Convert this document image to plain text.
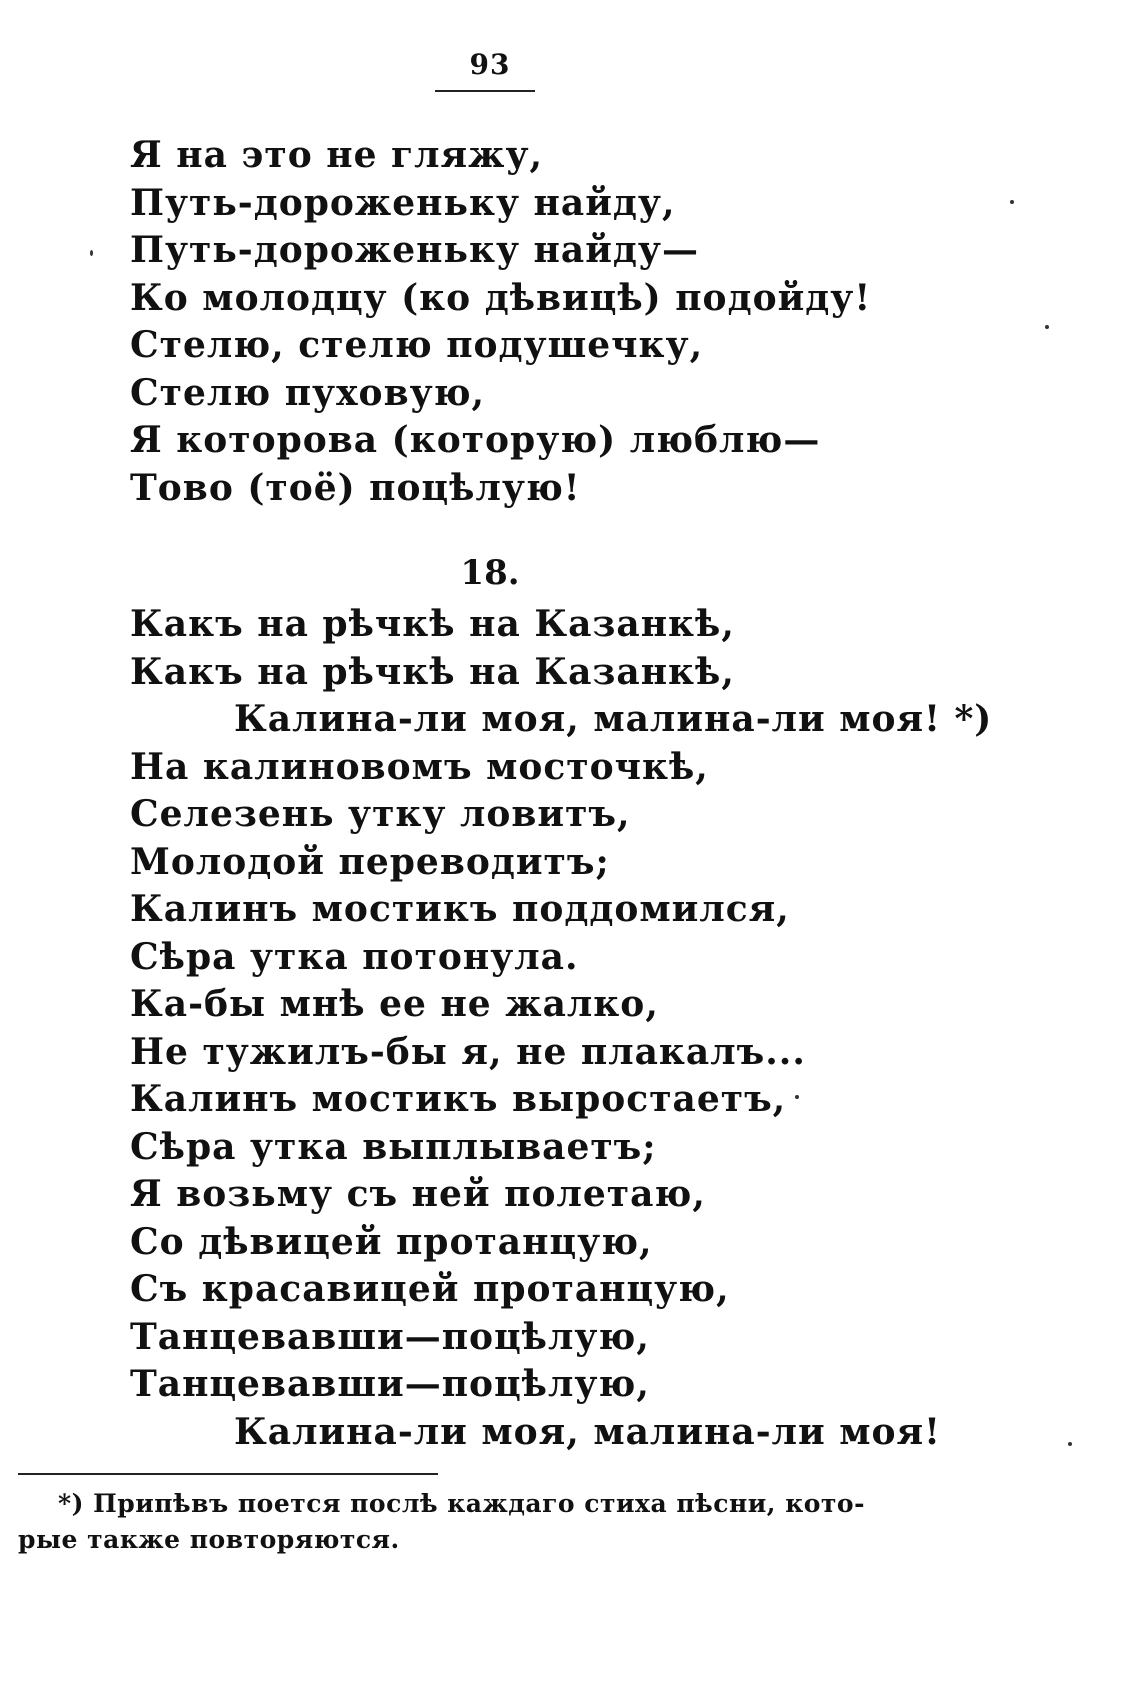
93
Я на это не гляжу,
Путь-дороженьку найду,
Путь-дороженьку найду—
Ко молодцу (ко дѣвицѣ) подойду!
Стелю, стелю подушечку,
Стелю пуховую,
Я которова (которую) люблю—
Тово (тоё) поцѣлую!
18.
Какъ на рѣчкѣ на Казанкѣ,
Какъ на рѣчкѣ на Казанкѣ,
Калина-ли моя, малина-ли моя! *)
На калиновомъ мосточкѣ,
Селезень утку ловитъ,
Молодой переводитъ;
Калинъ мостикъ поддомился,
Сѣра утка потонула.
Ка-бы мнѣ ее не жалко,
Не тужилъ-бы я, не плакалъ...
Калинъ мостикъ выростаетъ,
Сѣра утка выплываетъ;
Я возьму съ ней полетаю,
Со дѣвицей протанцую,
Съ красавицей протанцую,
Танцевавши—поцѣлую,
Танцевавши—поцѣлую,
Калина-ли моя, малина-ли моя!
*) Припѣвъ поется послѣ каждаго стиха пѣсни, кото-
рые также повторяются.
